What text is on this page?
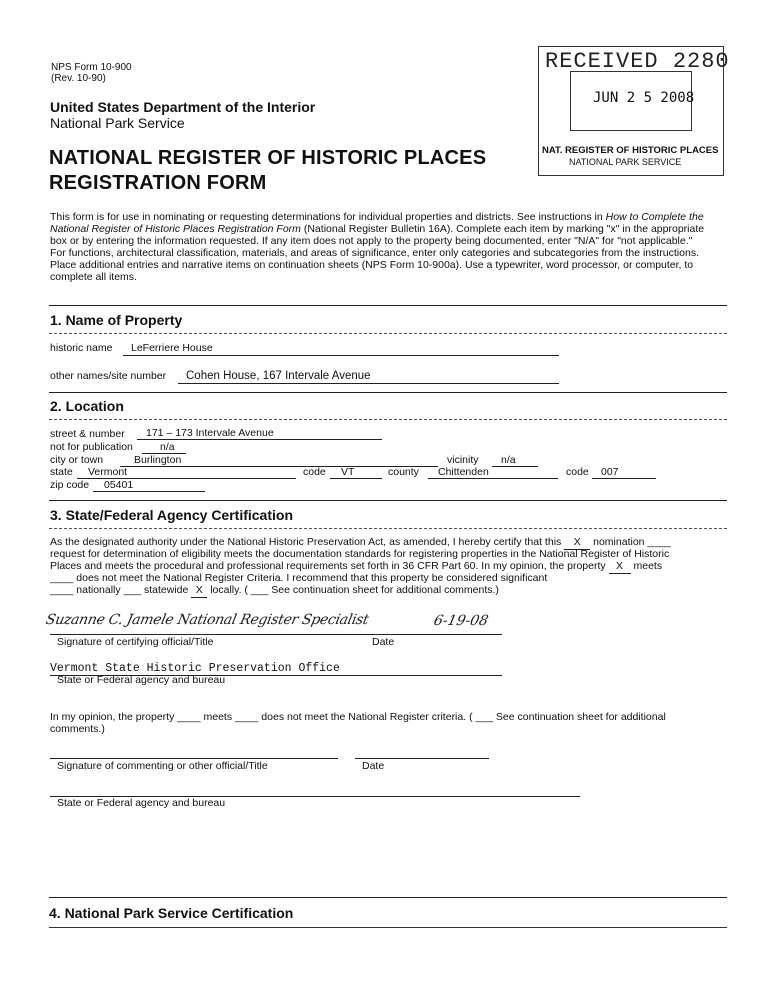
NPS Form 10-900
(Rev. 10-90)
United States Department of the Interior
National Park Service
NATIONAL REGISTER OF HISTORIC PLACES
REGISTRATION FORM
RECEIVED 2280
JUN 2 5 2008
NAT. REGISTER OF HISTORIC PLACES
NATIONAL PARK SERVICE
This form is for use in nominating or requesting determinations for individual properties and districts. See instructions in How to Complete the
National Register of Historic Places Registration Form (National Register Bulletin 16A). Complete each item by marking "x" in the appropriate
box or by entering the information requested. If any item does not apply to the property being documented, enter "N/A" for "not applicable."
For functions, architectural classification, materials, and areas of significance, enter only categories and subcategories from the instructions.
Place additional entries and narrative items on continuation sheets (NPS Form 10-900a). Use a typewriter, word processor, or computer, to
complete all items.
1. Name of Property
historic name LeFerriere House
other names/site number Cohen House, 167 Intervale Avenue
2. Location
street & number 171 – 173 Intervale Avenue
not for publication	n/a
city or town	Burlington	vicinity n/a
state Vermont	code VT	county Chittenden	code 007
zip code 05401
3. State/Federal Agency Certification
As the designated authority under the National Historic Preservation Act, as amended, I hereby certify that this X nomination ____
request for determination of eligibility meets the documentation standards for registering properties in the National Register of Historic
Places and meets the procedural and professional requirements set forth in 36 CFR Part 60. In my opinion, the property X meets
____ does not meet the National Register Criteria. I recommend that this property be considered significant
____ nationally ___ statewide X locally. ( ___ See continuation sheet for additional comments.)
Suzanne C. Jamele National Register Specialist	6-19-08
Signature of certifying official/Title	Date
Vermont State Historic Preservation Office
State or Federal agency and bureau
In my opinion, the property ____ meets ____ does not meet the National Register criteria. ( ___ See continuation sheet for additional
comments.)
Signature of commenting or other official/Title	Date
State or Federal agency and bureau
4. National Park Service Certification
